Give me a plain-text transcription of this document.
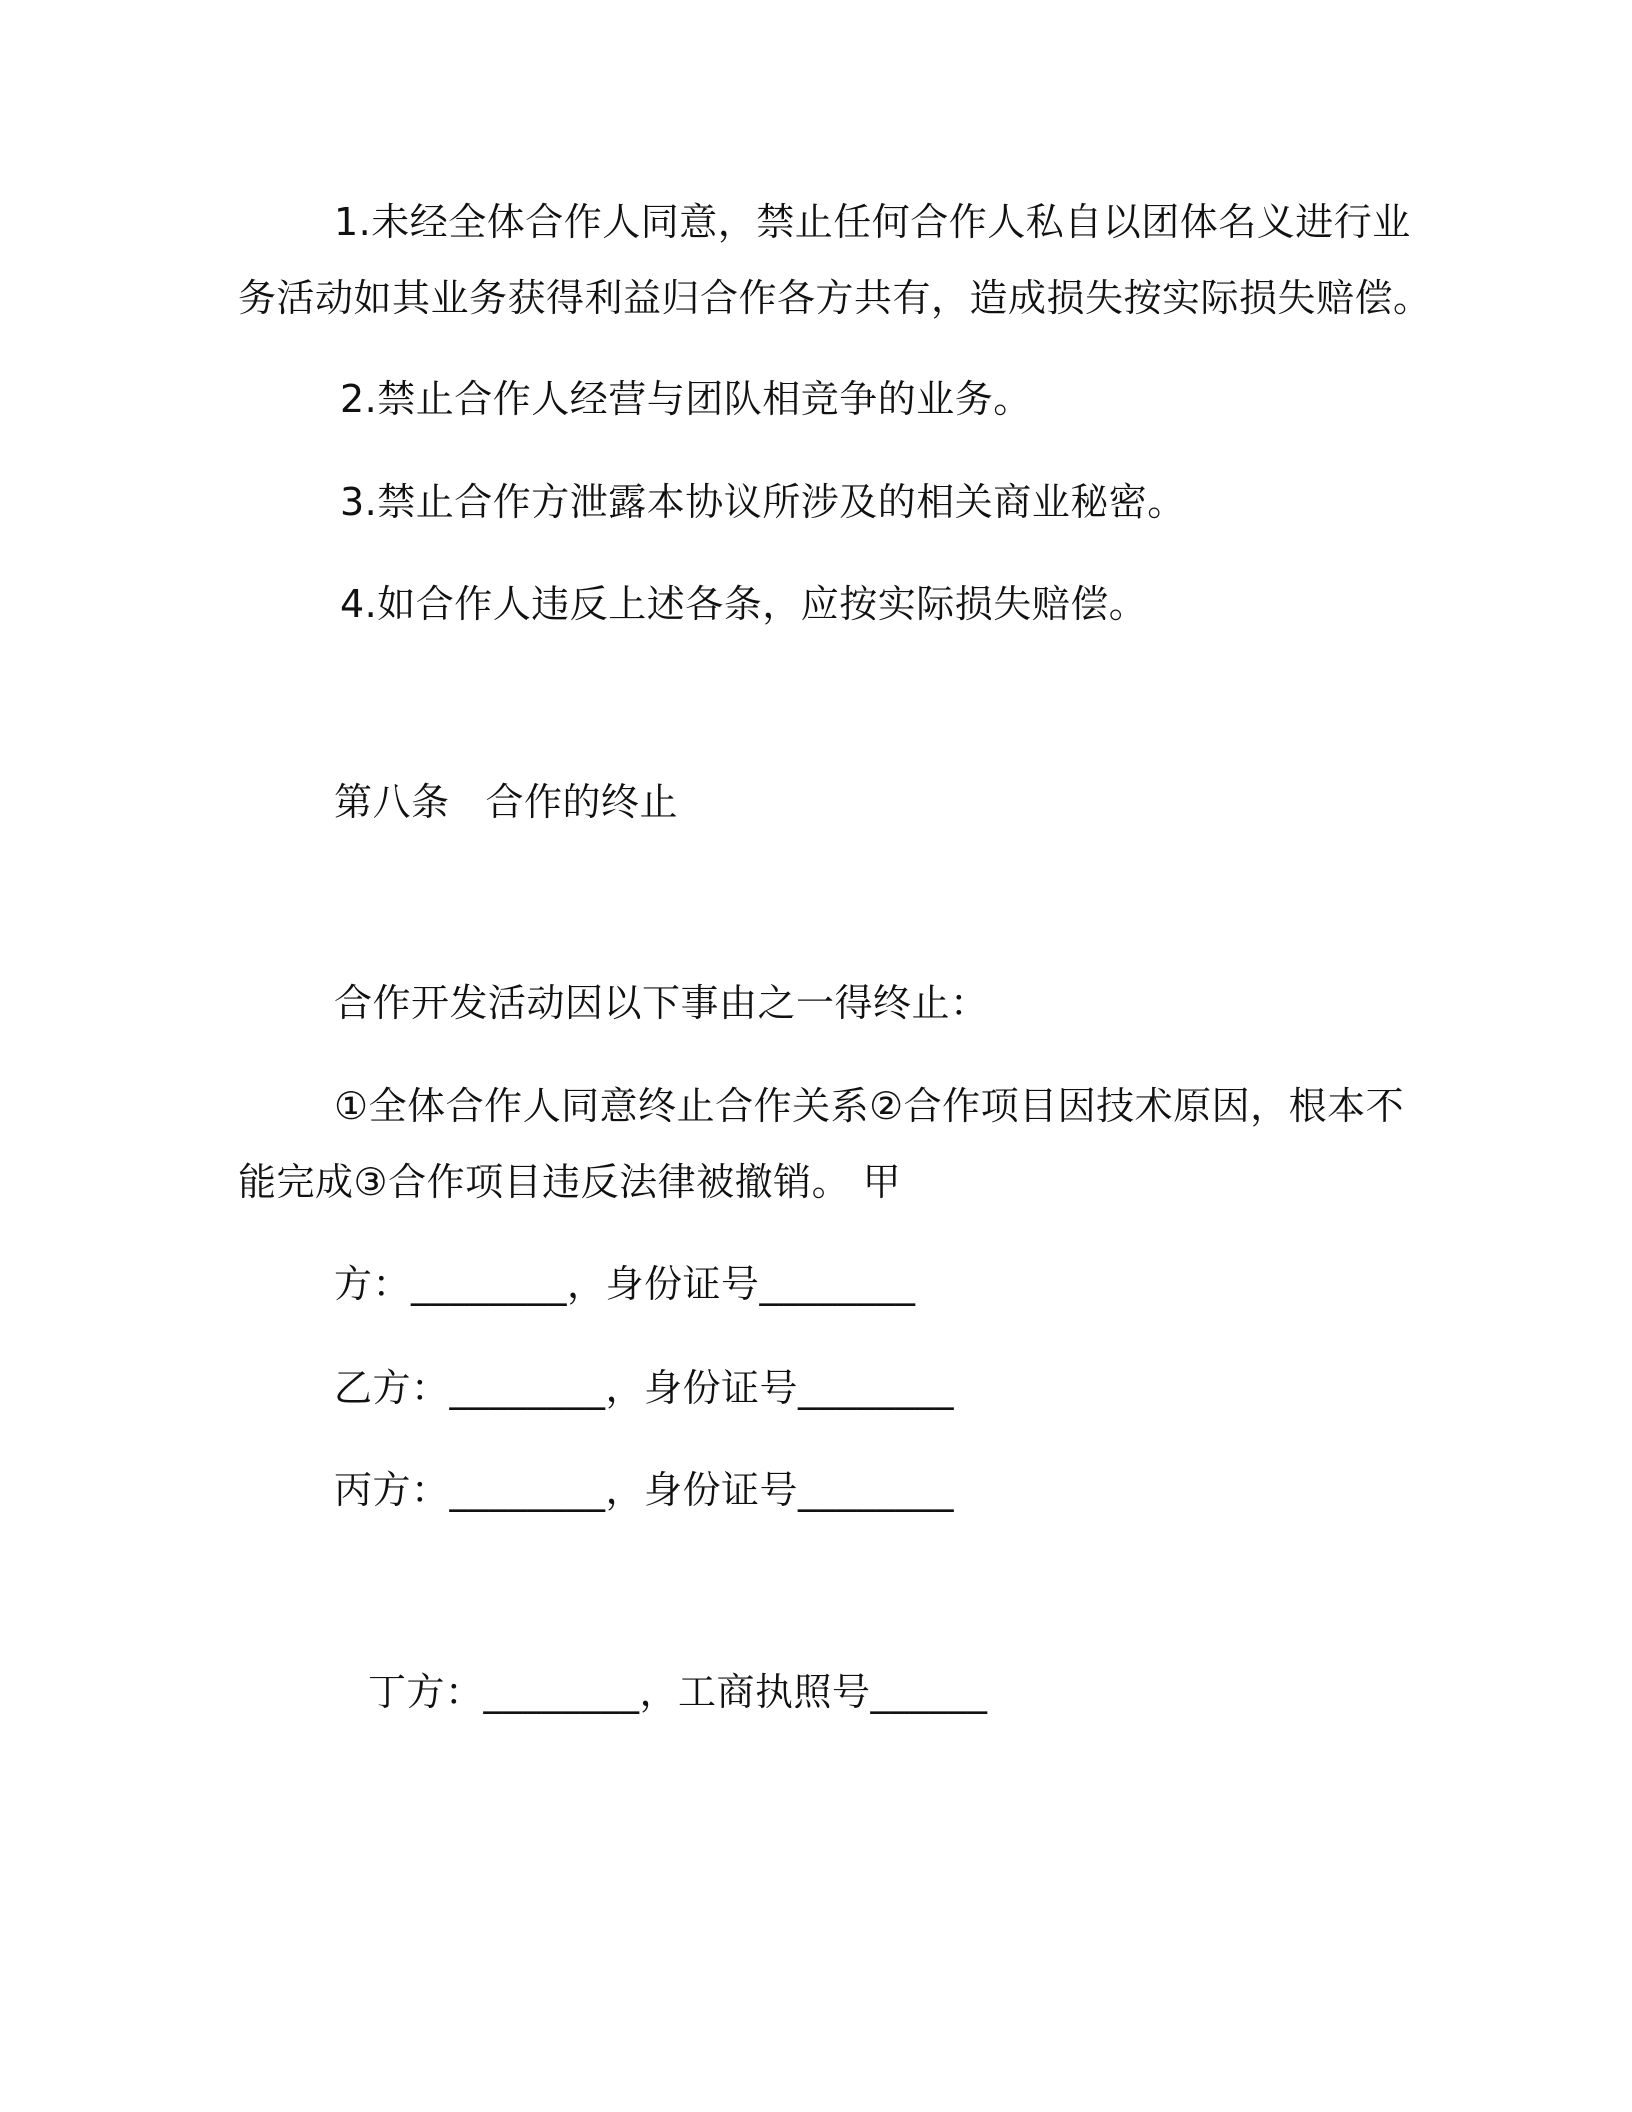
1.未经全体合作人同意，禁止任何合作人私自以团体名义进行业

务活动如其业务获得利益归合作各方共有，造成损失按实际损失赔偿。

2.禁止合作人经营与团队相竞争的业务。

3.禁止合作方泄露本协议所涉及的相关商业秘密。

4.如合作人违反上述各条，应按实际损失赔偿。

第八条 合作的终止

合作开发活动因以下事由之一得终止：

①全体合作人同意终止合作关系②合作项目因技术原因，根本不

能完成③合作项目违反法律被撤销。 甲

方：________，身份证号________

乙方：________，身份证号________

丙方：________，身份证号________

丁方：________，工商执照号______
